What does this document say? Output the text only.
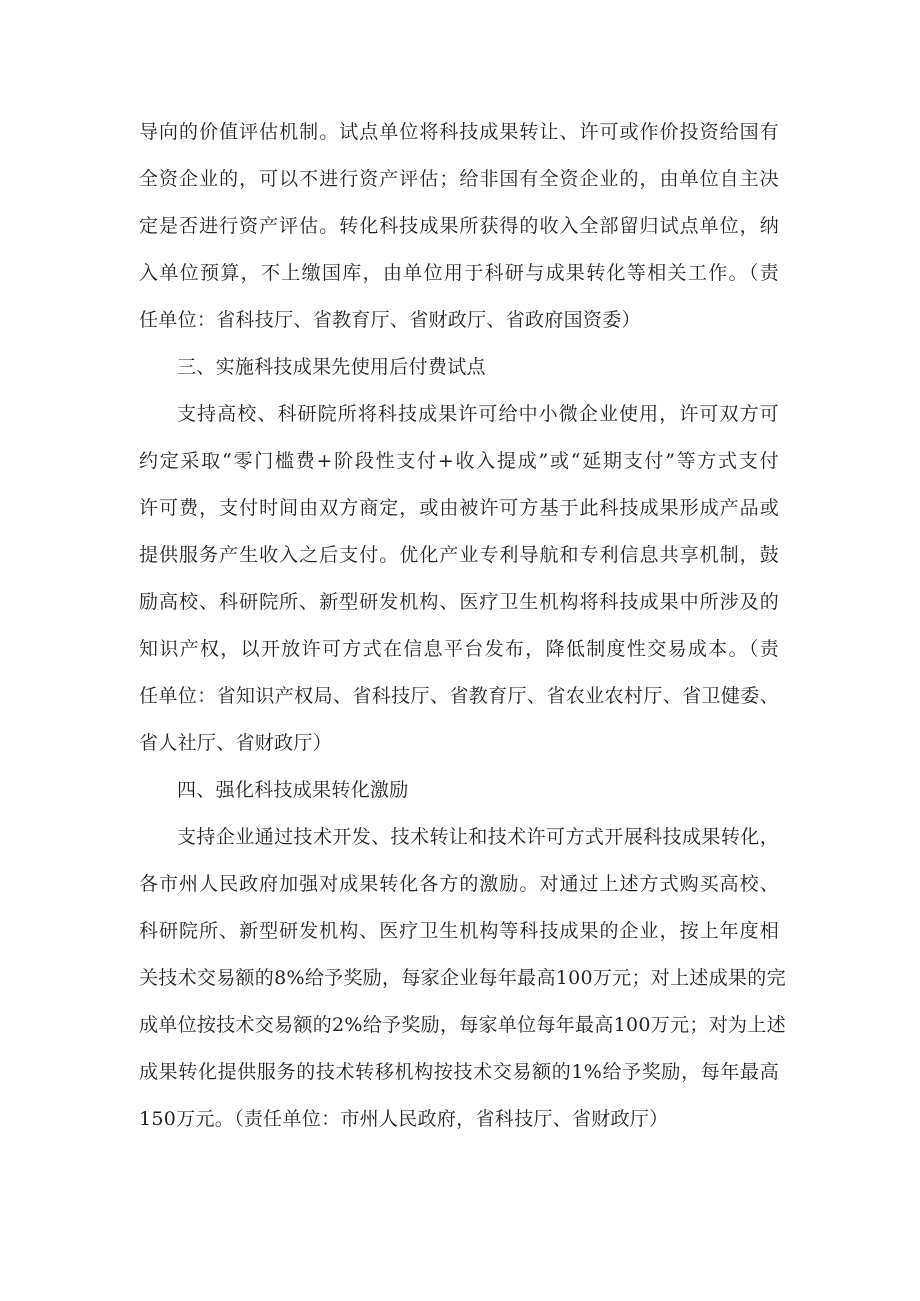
导向的价值评估机制。试点单位将科技成果转让、许可或作价投资给国有
全资企业的，可以不进行资产评估；给非国有全资企业的，由单位自主决
定是否进行资产评估。转化科技成果所获得的收入全部留归试点单位，纳
入单位预算，不上缴国库，由单位用于科研与成果转化等相关工作。（责
任单位：省科技厅、省教育厅、省财政厅、省政府国资委）
三、实施科技成果先使用后付费试点
支持高校、科研院所将科技成果许可给中小微企业使用，许可双方可
约定采取“零门槛费+阶段性支付+收入提成”或“延期支付”等方式支付
许可费，支付时间由双方商定，或由被许可方基于此科技成果形成产品或
提供服务产生收入之后支付。优化产业专利导航和专利信息共享机制，鼓
励高校、科研院所、新型研发机构、医疗卫生机构将科技成果中所涉及的
知识产权，以开放许可方式在信息平台发布，降低制度性交易成本。（责
任单位：省知识产权局、省科技厅、省教育厅、省农业农村厅、省卫健委、
省人社厅、省财政厅）
四、强化科技成果转化激励
支持企业通过技术开发、技术转让和技术许可方式开展科技成果转化，
各市州人民政府加强对成果转化各方的激励。对通过上述方式购买高校、
科研院所、新型研发机构、医疗卫生机构等科技成果的企业，按上年度相
关技术交易额的8%给予奖励，每家企业每年最高100万元；对上述成果的完
成单位按技术交易额的2%给予奖励，每家单位每年最高100万元；对为上述
成果转化提供服务的技术转移机构按技术交易额的1%给予奖励，每年最高
150万元。（责任单位：市州人民政府，省科技厅、省财政厅）
